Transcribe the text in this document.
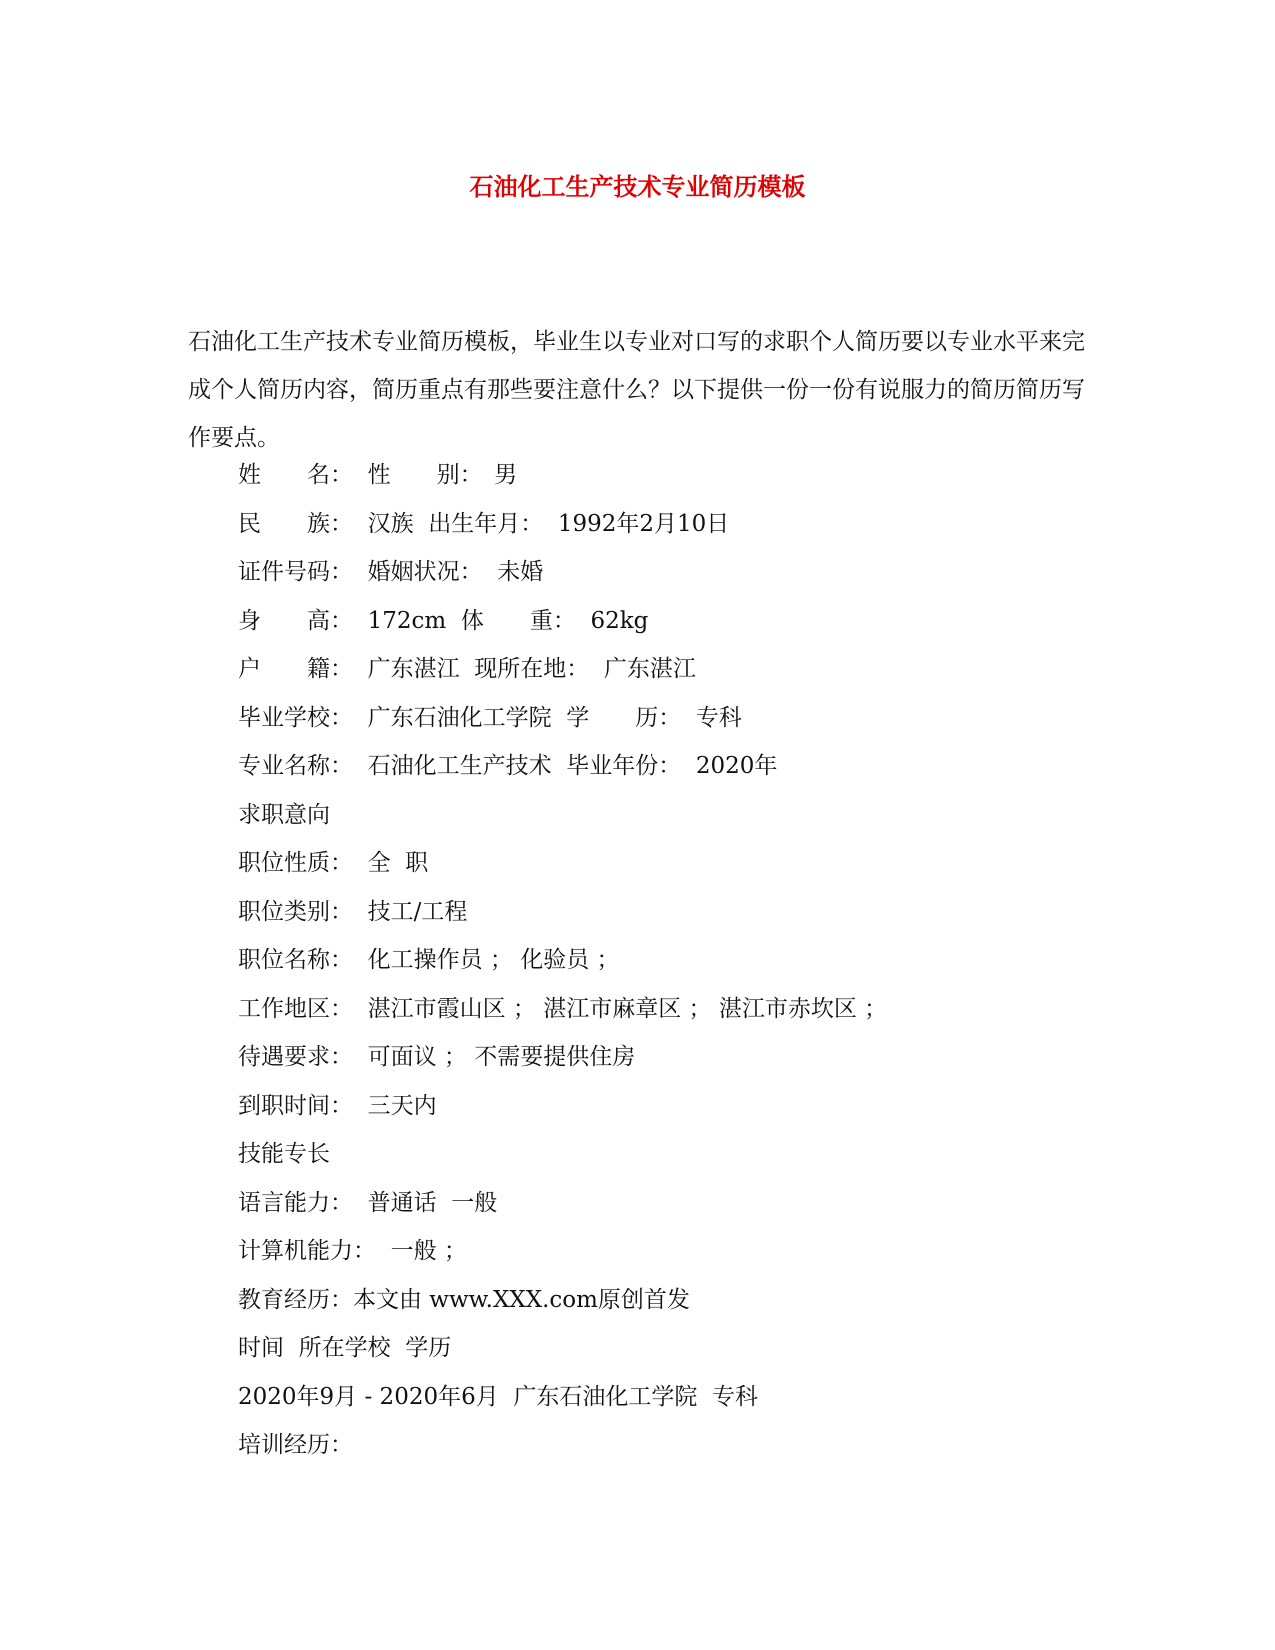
石油化工生产技术专业简历模板
石油化工生产技术专业简历模板，毕业生以专业对口写的求职个人简历要以专业水平来完成个人简历内容，简历重点有那些要注意什么？以下提供一份一份有说服力的简历简历写作要点。
姓　　名：  性　　别：　男
民　　族：  汉族  出生年月：  1992年2月10日
证件号码：  婚姻状况：  未婚
身　　高：  172cm  体　　重：  62kg
户　　籍：  广东湛江  现所在地：  广东湛江
毕业学校：  广东石油化工学院  学　　历：  专科
专业名称：  石油化工生产技术  毕业年份：  2020年
求职意向
职位性质：  全  职
职位类别：  技工/工程
职位名称：  化工操作员 ； 化验员 ；
工作地区：  湛江市霞山区 ； 湛江市麻章区 ； 湛江市赤坎区 ；
待遇要求：  可面议 ； 不需要提供住房
到职时间：  三天内
技能专长
语言能力：  普通话  一般
计算机能力：  一般 ；
教育经历：本文由 www.XXX.com原创首发
时间  所在学校  学历
2020年9月 - 2020年6月  广东石油化工学院  专科
培训经历：
